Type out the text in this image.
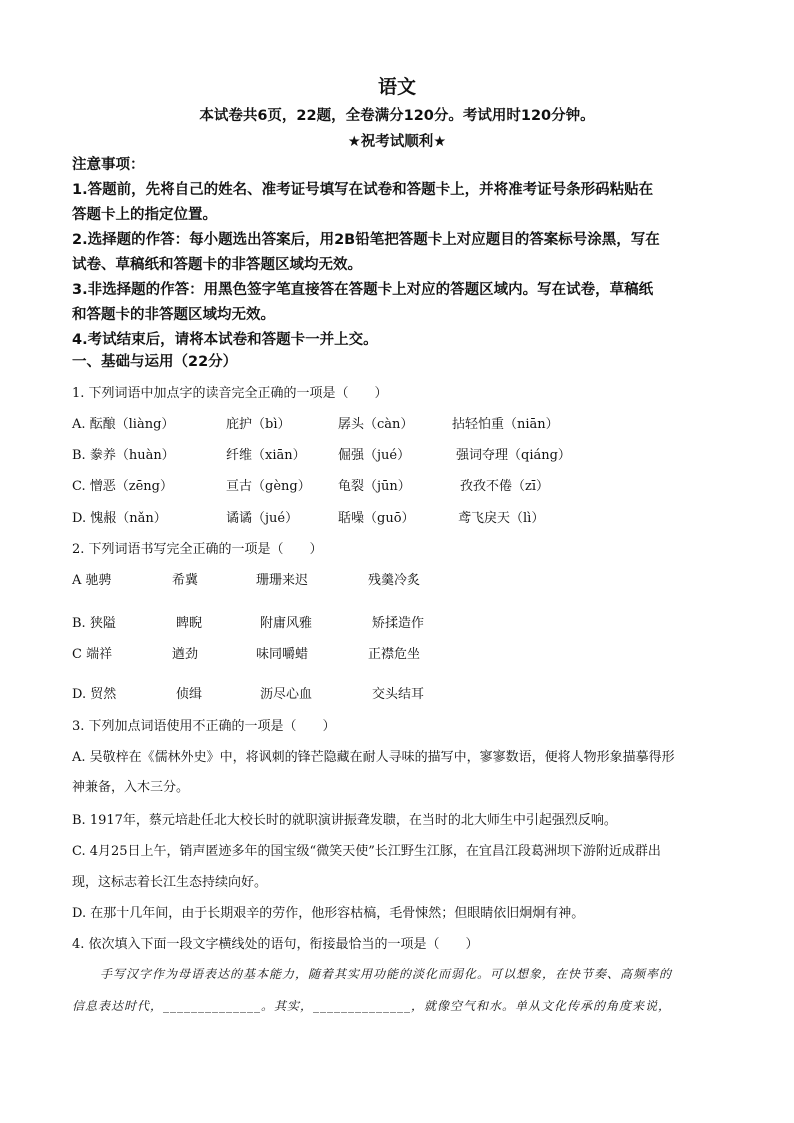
语文
本试卷共6页，22题，全卷满分120分。考试用时120分钟。
★祝考试顺利★

注意事项：

1.答题前，先将自己的姓名、准考证号填写在试卷和答题卡上，并将准考证号条形码粘贴在

答题卡上的指定位置。

2.选择题的作答：每小题选出答案后，用2B铅笔把答题卡上对应题目的答案标号涂黑，写在

试卷、草稿纸和答题卡的非答题区域均无效。

3.非选择题的作答：用黑色签字笔直接答在答题卡上对应的答题区域内。写在试卷，草稿纸

和答题卡的非答题区域均无效。

4.考试结束后，请将本试卷和答题卡一并上交。

一、基础与运用（22分）
1. 下列词语中加点字的读音完全正确的一项是（　　）
A. 酝酿（liàng）	庇护（bì）	孱头（càn）	拈轻怕重（niān）
B. 豢养（huàn）	纤维（xiān） 倔强（jué）	强词夺理（qiáng）
C. 憎恶（zēng）	亘古（gèng） 龟裂（jūn）	孜孜不倦（zī）
D. 愧赧（nǎn）	谲谲（jué）	聒噪（guō）	鸢飞戾天（lì）
2. 下列词语书写完全正确的一项是（　　）
A 驰骋	希冀	珊珊来迟	残羹冷炙
B. 狭隘	睥睨	附庸风雅	矫揉造作
C 端祥	遒劲	味同嚼蜡	正襟危坐
D. 贸然	侦缉	沥尽心血	交头结耳
3. 下列加点词语使用不正确的一项是（　　）
A. 吴敬梓在《儒林外史》中，将讽刺的锋芒隐藏在耐人寻味的描写中，寥寥数语，便将人物形象描摹得形
神兼备，入木三分。
B. 1917年，蔡元培赴任北大校长时的就职演讲振聋发聩，在当时的北大师生中引起强烈反响。
C. 4月25日上午，销声匿迹多年的国宝级“微笑天使”长江野生江豚，在宜昌江段葛洲坝下游附近成群出
现，这标志着长江生态持续向好。
D. 在那十几年间，由于长期艰辛的劳作，他形容枯槁，毛骨悚然；但眼睛依旧炯炯有神。
4. 依次填入下面一段文字横线处的语句，衔接最恰当的一项是（　　）
手写汉字作为母语表达的基本能力，随着其实用功能的淡化而弱化。可以想象，在快节奏、高频率的
信息表达时代，______________。其实，______________，就像空气和水。单从文化传承的角度来说，
